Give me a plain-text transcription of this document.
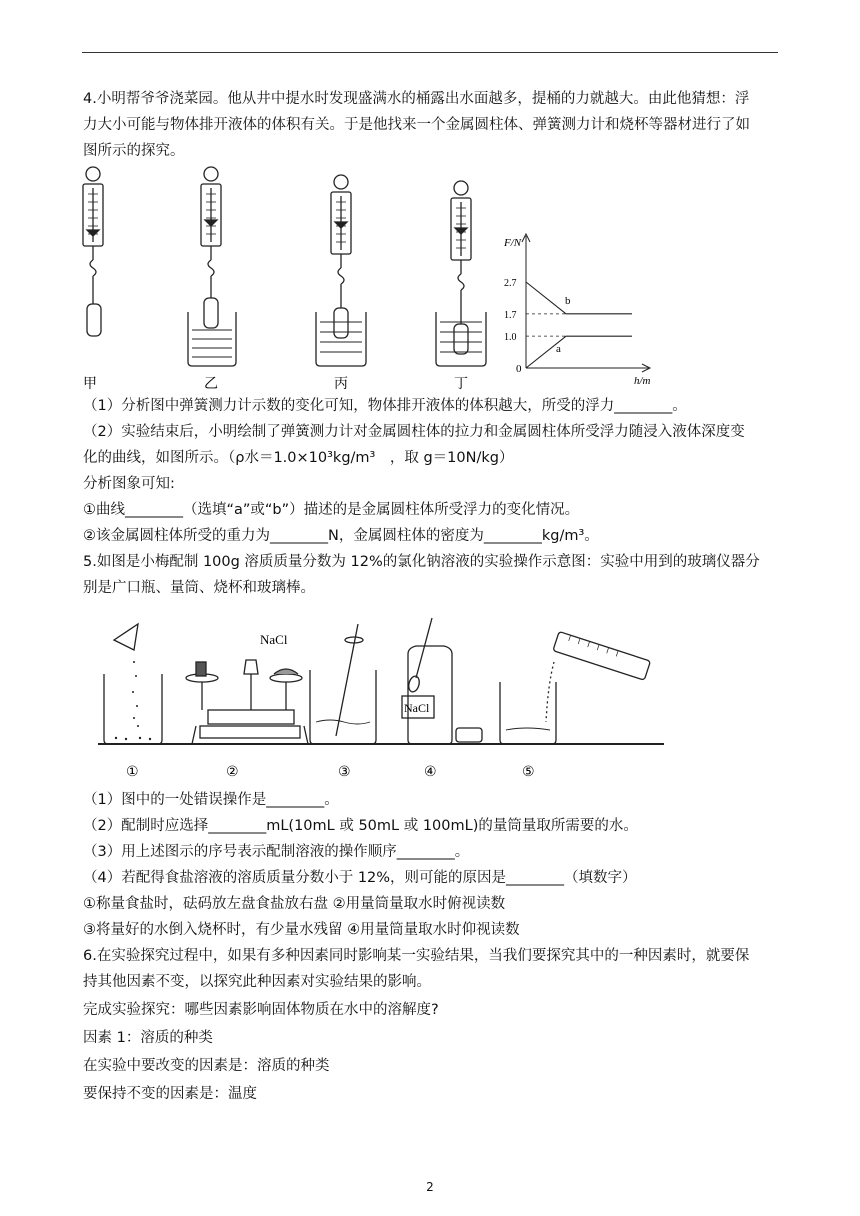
4.小明帮爷爷浇菜园。他从井中提水时发现盛满水的桶露出水面越多，提桶的力就越大。由此他猜想：浮
力大小可能与物体排开液体的体积有关。于是他找来一个金属圆柱体、弹簧测力计和烧杯等器材进行了如
图所示的探究。
甲	乙	丙	丁
F/N
h/m
0
2.7
1.7
1.0
b
a
（1）分析图中弹簧测力计示数的变化可知，物体排开液体的体积越大，所受的浮力________。
（2）实验结束后，小明绘制了弹簧测力计对金属圆柱体的拉力和金属圆柱体所受浮力随浸入液体深度变
化的曲线，如图所示。（ρ水＝1.0×10³kg/m³　，取 g＝10N/kg）
分析图象可知:
①曲线________（选填“a”或“b”）描述的是金属圆柱体所受浮力的变化情况。
②该金属圆柱体所受的重力为________N，金属圆柱体的密度为________kg/m³。
5.如图是小梅配制 100g 溶质质量分数为 12%的氯化钠溶液的实验操作示意图：实验中用到的玻璃仪器分
别是广口瓶、量筒、烧杯和玻璃棒。
NaCl
NaCl
①	②	③	④	⑤
（1）图中的一处错误操作是________。
（2）配制时应选择________mL(10mL 或 50mL 或 100mL)的量筒量取所需要的水。
（3）用上述图示的序号表示配制溶液的操作顺序________。
（4）若配得食盐溶液的溶质质量分数小于 12%，则可能的原因是________（填数字）
①称量食盐时，砝码放左盘食盐放右盘 ②用量筒量取水时俯视读数
③将量好的水倒入烧杯时，有少量水残留 ④用量筒量取水时仰视读数
6.在实验探究过程中，如果有多种因素同时影响某一实验结果，当我们要探究其中的一种因素时，就要保
持其他因素不变，以探究此种因素对实验结果的影响。
完成实验探究：哪些因素影响固体物质在水中的溶解度?
因素 1：溶质的种类
在实验中要改变的因素是：溶质的种类
要保持不变的因素是：温度
2
